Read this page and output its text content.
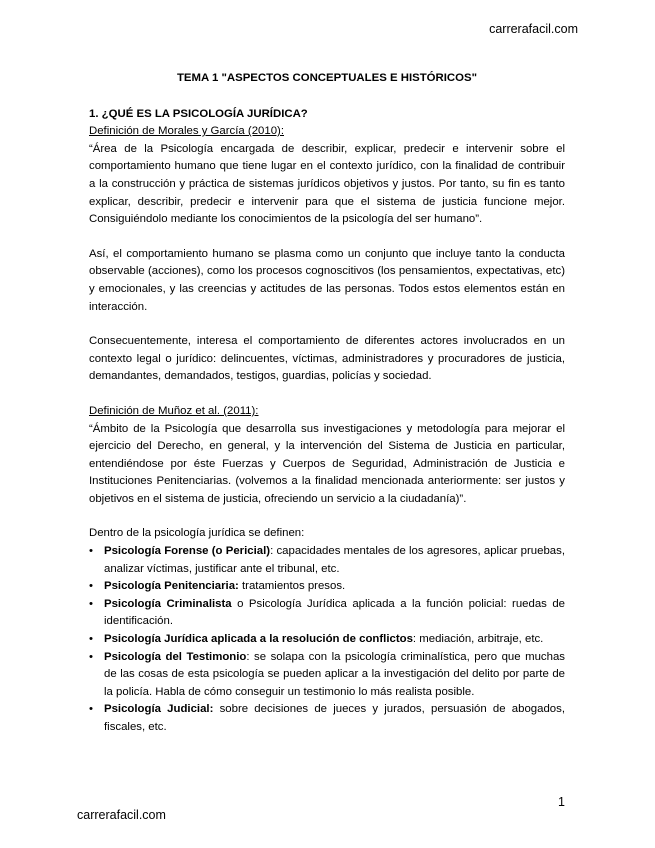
carrerafacil.com
TEMA 1 "ASPECTOS CONCEPTUALES E HISTÓRICOS"
1. ¿QUÉ ES LA PSICOLOGÍA JURÍDICA?
Definición de Morales y García (2010):

“Área de la Psicología encargada de describir, explicar, predecir e intervenir sobre el comportamiento humano que tiene lugar en el contexto jurídico, con la finalidad de contribuir a la construcción y práctica de sistemas jurídicos objetivos y justos. Por tanto, su fin es tanto explicar, describir, predecir e intervenir para que el sistema de justicia funcione mejor. Consiguiéndolo mediante los conocimientos de la psicología del ser humano”.

Así, el comportamiento humano se plasma como un conjunto que incluye tanto la conducta observable (acciones), como los procesos cognoscitivos (los pensamientos, expectativas, etc) y emocionales, y las creencias y actitudes de las personas. Todos estos elementos están en interacción.

Consecuentemente, interesa el comportamiento de diferentes actores involucrados en un contexto legal o jurídico: delincuentes, víctimas, administradores y procuradores de justicia, demandantes, demandados, testigos, guardias, policías y sociedad.

Definición de Muñoz et al. (2011):

“Ámbito de la Psicología que desarrolla sus investigaciones y metodología para mejorar el ejercicio del Derecho, en general, y la intervención del Sistema de Justicia en particular, entendiéndose por éste Fuerzas y Cuerpos de Seguridad, Administración de Justicia e Instituciones Penitenciarias. (volvemos a la finalidad mencionada anteriormente: ser justos y objetivos en el sistema de justicia, ofreciendo un servicio a la ciudadanía)”.

Dentro de la psicología jurídica se definen:

• Psicología Forense (o Pericial): capacidades mentales de los agresores, aplicar pruebas, analizar víctimas, justificar ante el tribunal, etc.
• Psicología Penitenciaria: tratamientos presos.
• Psicología Criminalista o Psicología Jurídica aplicada a la función policial: ruedas de identificación.
• Psicología Jurídica aplicada a la resolución de conflictos: mediación, arbitraje, etc.
• Psicología del Testimonio: se solapa con la psicología criminalística, pero que muchas de las cosas de esta psicología se pueden aplicar a la investigación del delito por parte de la policía. Habla de cómo conseguir un testimonio lo más realista posible.
• Psicología Judicial: sobre decisiones de jueces y jurados, persuasión de abogados, fiscales, etc.
1
carrerafacil.com
